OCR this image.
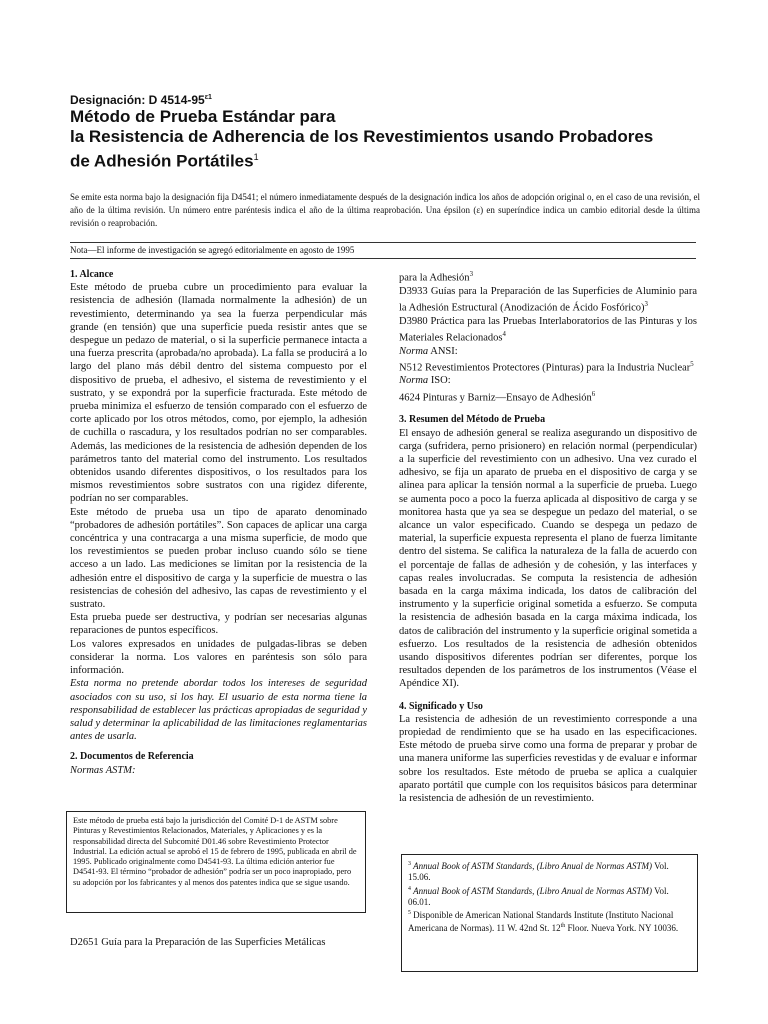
Designación: D $4514-95^{\varepsilon 1}$
Método de Prueba Estándar para
la Resistencia de Adherencia de los Revestimientos usando Probadores
de Adhesión Portátiles$^1$
Se emite esta norma bajo la designación fija D4541; el número inmediatamente después de la designación indica los años de adopción original o, en el caso de una revisión, el año de la última revisión. Un número entre paréntesis indica el año de la última reaprobación. Una épsilon (ε) en superíndice indica un cambio editorial desde la última revisión o reaprobación.
Nota—El informe de investigación se agregó editorialmente en agosto de 1995

1. Alcance

Este método de prueba cubre un procedimiento para evaluar la resistencia de adhesión (llamada normalmente la adhesión) de un revestimiento, determinando ya sea la fuerza perpendicular más grande (en tensión) que una superficie pueda resistir antes que se despegue un pedazo de material, o si la superficie permanece intacta a una fuerza prescrita (aprobada/no aprobada). La falla se producirá a lo largo del plano más débil dentro del sistema compuesto por el dispositivo de prueba, el adhesivo, el sistema de revestimiento y el sustrato, y se expondrá por la superficie fracturada. Este método de prueba minimiza el esfuerzo de tensión comparado con el esfuerzo de corte aplicado por los otros métodos, como, por ejemplo, la adhesión de cuchilla o rascadura, y los resultados podrían no ser comparables. Además, las mediciones de la resistencia de adhesión dependen de los parámetros tanto del material como del instrumento. Los resultados obtenidos usando diferentes dispositivos, o los resultados para los mismos revestimientos sobre sustratos con una rigidez diferente, podrían no ser comparables.

Este método de prueba usa un tipo de aparato denominado “probadores de adhesión portátiles”. Son capaces de aplicar una carga concéntrica y una contracarga a una misma superficie, de modo que los revestimientos se pueden probar incluso cuando sólo se tiene acceso a un lado. Las mediciones se limitan por la resistencia de la adhesión entre el dispositivo de carga y la superficie de muestra o las resistencias de cohesión del adhesivo, las capas de revestimiento y el sustrato.

Esta prueba puede ser destructiva, y podrían ser necesarias algunas reparaciones de puntos específicos.

Los valores expresados en unidades de pulgadas-libras se deben considerar la norma. Los valores en paréntesis son sólo para información.

Esta norma no pretende abordar todos los intereses de seguridad asociados con su uso, si los hay. El usuario de esta norma tiene la responsabilidad de establecer las prácticas apropiadas de seguridad y salud y determinar la aplicabilidad de las limitaciones reglamentarias antes de usarla.

2. Documentos de Referencia

Normas ASTM:

Este método de prueba está bajo la jurisdicción del Comité D-1 de ASTM sobre Pinturas y Revestimientos Relacionados, Materiales, y Aplicaciones y es la responsabilidad directa del Subcomité D01.46 sobre Revestimiento Protector Industrial. La edición actual se aprobó el 15 de febrero de 1995, publicada en abril de 1995. Publicado originalmente como D4541-93. La última edición anterior fue D4541-93. El término “probador de adhesión” podría ser un poco inapropiado, pero su adopción por los fabricantes y al menos dos patentes indica que se sigue usando.
D2651 Guía para la Preparación de las Superficies Metálicas

para la Adhesión$^3$

D3933 Guías para la Preparación de las Superficies de Aluminio para la Adhesión Estructural (Anodización de Ácido Fosfórico)$^3$

D3980 Práctica para las Pruebas Interlaboratorios de las Pinturas y los Materiales Relacionados$^4$

Norma ANSI:

N512 Revestimientos Protectores (Pinturas) para la Industria Nuclear$^5$

Norma ISO:

4624 Pinturas y Barniz—Ensayo de Adhesión$^6$

3. Resumen del Método de Prueba

El ensayo de adhesión general se realiza asegurando un dispositivo de carga (sufridera, perno prisionero) en relación normal (perpendicular) a la superficie del revestimiento con un adhesivo. Una vez curado el adhesivo, se fija un aparato de prueba en el dispositivo de carga y se alinea para aplicar la tensión normal a la superficie de prueba. Luego se aumenta poco a poco la fuerza aplicada al dispositivo de carga y se monitorea hasta que ya sea se despegue un pedazo del material, o se alcance un valor especificado. Cuando se despega un pedazo de material, la superficie expuesta representa el plano de fuerza limitante dentro del sistema. Se califica la naturaleza de la falla de acuerdo con el porcentaje de fallas de adhesión y de cohesión, y las interfaces y capas reales involucradas. Se computa la resistencia de adhesión basada en la carga máxima indicada, los datos de calibración del instrumento y la superficie original sometida a esfuerzo. Se computa la resistencia de adhesión basada en la carga máxima indicada, los datos de calibración del instrumento y la superficie original sometida a esfuerzo. Los resultados de la resistencia de adhesión obtenidos usando dispositivos diferentes podrían ser diferentes, porque los resultados dependen de los parámetros de los instrumentos (Véase el Apéndice XI).

4. Significado y Uso

La resistencia de adhesión de un revestimiento corresponde a una propiedad de rendimiento que se ha usado en las especificaciones. Este método de prueba sirve como una forma de preparar y probar de una manera uniforme las superficies revestidas y de evaluar e informar sobre los resultados. Este método de prueba se aplica a cualquier aparato portátil que cumple con los requisitos básicos para determinar la resistencia de adhesión de un revestimiento.

$^3$ Annual Book of ASTM Standards, (Libro Anual de Normas ASTM) Vol. 15.06.

$^4$ Annual Book of ASTM Standards, (Libro Anual de Normas ASTM) Vol. 06.01.

$^5$ Disponible de American National Standards Institute (Instituto Nacional Americana de Normas). 11 W. 42nd St. 12th Floor. Nueva York. NY 10036.
